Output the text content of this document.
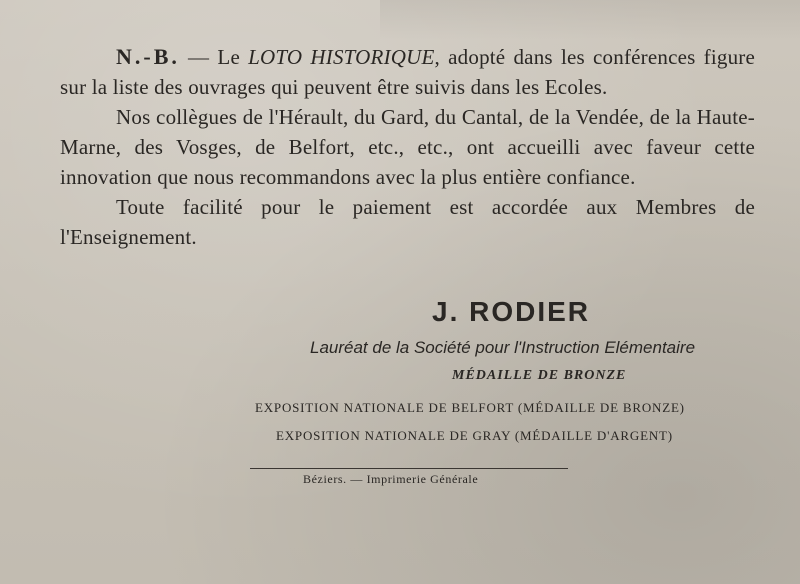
N.-B. — Le LOTO HISTORIQUE, adopté dans les conférences figure sur la liste des ouvrages qui peuvent être suivis dans les Ecoles.

Nos collègues de l'Hérault, du Gard, du Cantal, de la Vendée, de la Haute-Marne, des Vosges, de Belfort, etc., etc., ont accueilli avec faveur cette innovation que nous recommandons avec la plus entière confiance.

Toute facilité pour le paiement est accordée aux Membres de l'Enseignement.

J. RODIER
Lauréat de la Société pour l'Instruction Elémentaire
MÉDAILLE DE BRONZE
EXPOSITION NATIONALE DE BELFORT (MÉDAILLE DE BRONZE)
EXPOSITION NATIONALE DE GRAY (MÉDAILLE D'ARGENT)
Béziers. — Imprimerie Générale
